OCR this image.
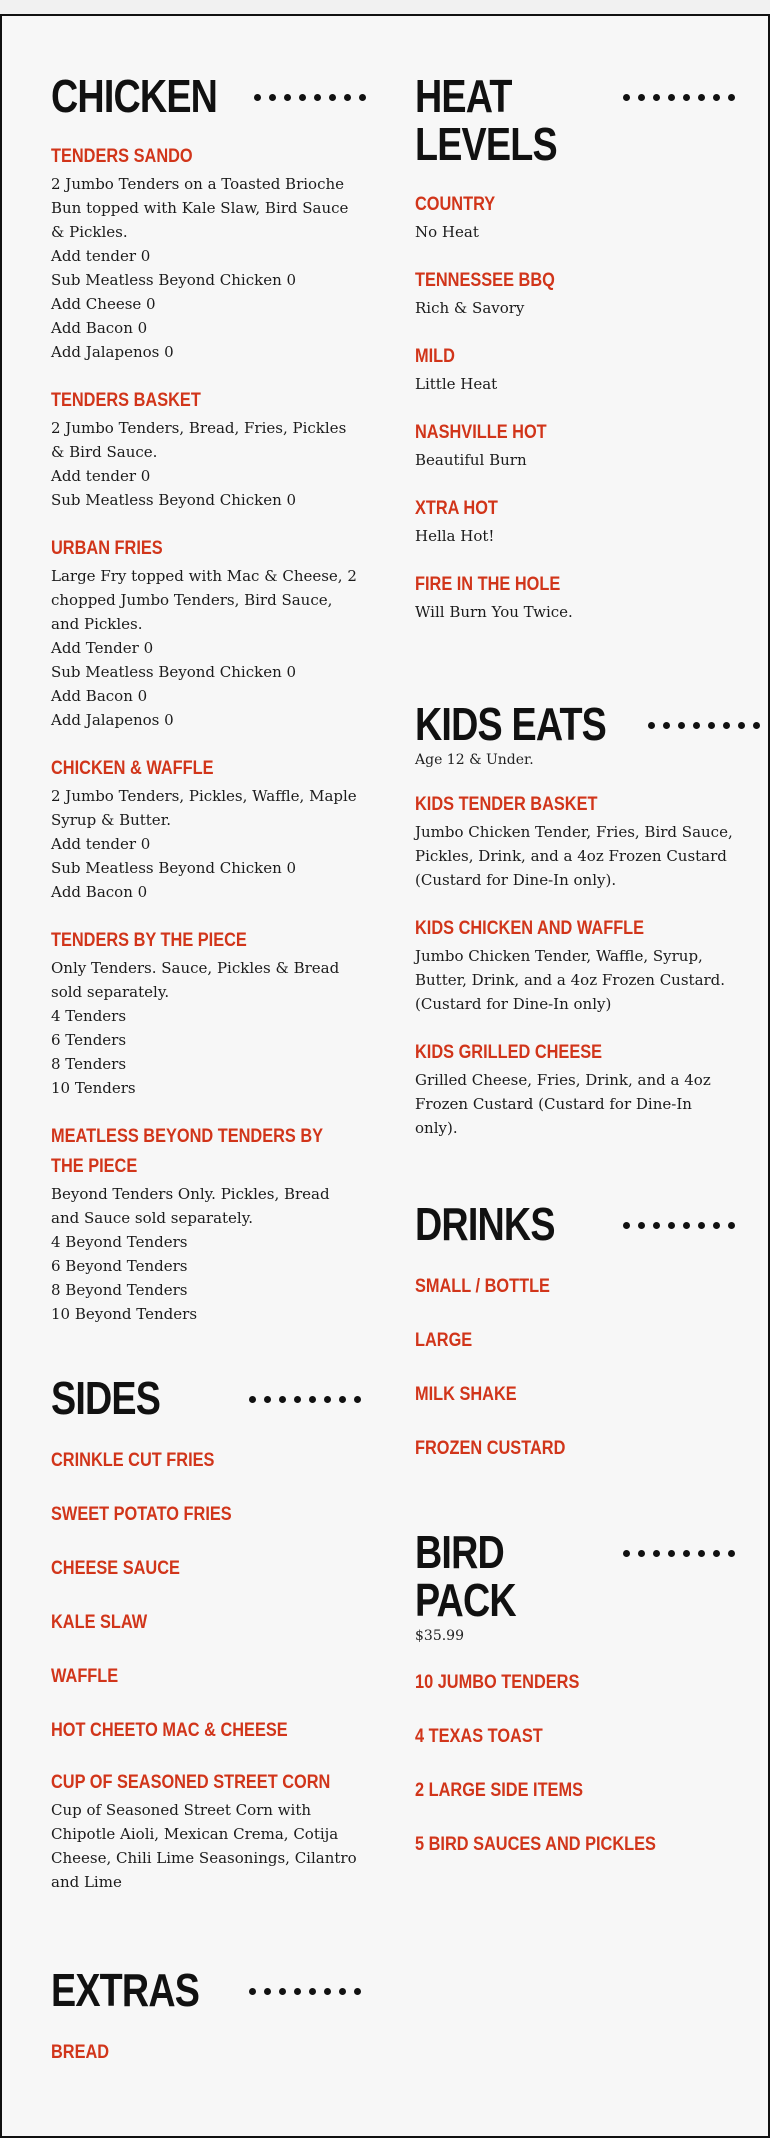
CHICKEN
TENDERS SANDO
2 Jumbo Tenders on a Toasted Brioche Bun topped with Kale Slaw, Bird Sauce & Pickles.
Add tender 0
Sub Meatless Beyond Chicken 0
Add Cheese 0
Add Bacon 0
Add Jalapenos 0
TENDERS BASKET
2 Jumbo Tenders, Bread, Fries, Pickles & Bird Sauce.
Add tender 0
Sub Meatless Beyond Chicken 0
URBAN FRIES
Large Fry topped with Mac & Cheese, 2 chopped Jumbo Tenders, Bird Sauce, and Pickles.
Add Tender 0
Sub Meatless Beyond Chicken 0
Add Bacon 0
Add Jalapenos 0
CHICKEN & WAFFLE
2 Jumbo Tenders, Pickles, Waffle, Maple Syrup & Butter.
Add tender 0
Sub Meatless Beyond Chicken 0
Add Bacon 0
TENDERS BY THE PIECE
Only Tenders. Sauce, Pickles & Bread sold separately.
4 Tenders
6 Tenders
8 Tenders
10 Tenders
MEATLESS BEYOND TENDERS BY THE PIECE
Beyond Tenders Only. Pickles, Bread and Sauce sold separately.
4 Beyond Tenders
6 Beyond Tenders
8 Beyond Tenders
10 Beyond Tenders
SIDES
CRINKLE CUT FRIES
SWEET POTATO FRIES
CHEESE SAUCE
KALE SLAW
WAFFLE
HOT CHEETO MAC & CHEESE
CUP OF SEASONED STREET CORN
Cup of Seasoned Street Corn with Chipotle Aioli, Mexican Crema, Cotija Cheese, Chili Lime Seasonings, Cilantro and Lime
EXTRAS
BREAD
HEAT LEVELS
COUNTRY
No Heat
TENNESSEE BBQ
Rich & Savory
MILD
Little Heat
NASHVILLE HOT
Beautiful Burn
XTRA HOT
Hella Hot!
FIRE IN THE HOLE
Will Burn You Twice.
KIDS EATS
Age 12 & Under.
KIDS TENDER BASKET
Jumbo Chicken Tender, Fries, Bird Sauce, Pickles, Drink, and a 4oz Frozen Custard (Custard for Dine-In only).
KIDS CHICKEN AND WAFFLE
Jumbo Chicken Tender, Waffle, Syrup, Butter, Drink, and a 4oz Frozen Custard. (Custard for Dine-In only)
KIDS GRILLED CHEESE
Grilled Cheese, Fries, Drink, and a 4oz Frozen Custard (Custard for Dine-In only).
DRINKS
SMALL / BOTTLE
LARGE
MILK SHAKE
FROZEN CUSTARD
BIRD PACK
$35.99
10 JUMBO TENDERS
4 TEXAS TOAST
2 LARGE SIDE ITEMS
5 BIRD SAUCES AND PICKLES
